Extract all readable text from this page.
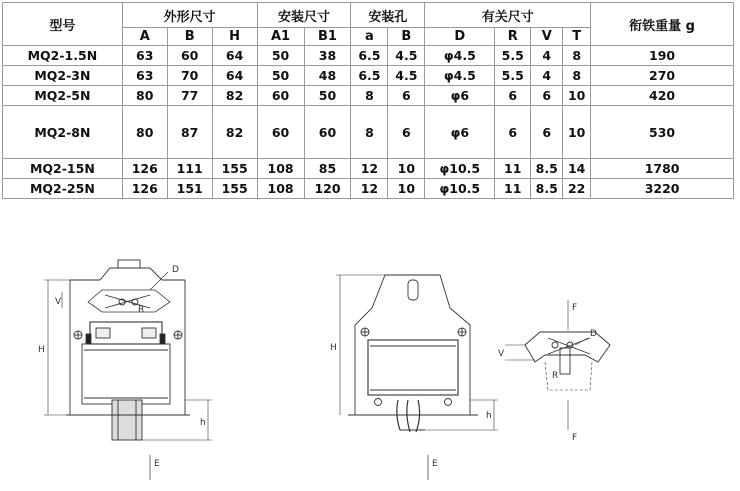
型号	外形尺寸			安装尺寸		安装孔		有关尺寸				衔铁重量 g
	A	B	H	A1	B1	a	B	D	R	V	T	
MQ2-1.5N	63	60	64	50	38	6.5	4.5	φ4.5	5.5	4	8	190
MQ2-3N	63	70	64	50	48	6.5	4.5	φ4.5	5.5	4	8	270
MQ2-5N	80	77	82	60	50	8	6	φ6	6	6	10	420
MQ2-8N	80	87	82	60	60	8	6	φ6	6	6	10	530
MQ2-15N	126	111	155	108	85	12	10	φ10.5	11	8.5	14	1780
MQ2-25N	126	151	155	108	120	12	10	φ10.5	11	8.5	22	3220
D
V
R
H
h
E
H
h
E
F
F
V
D
R
